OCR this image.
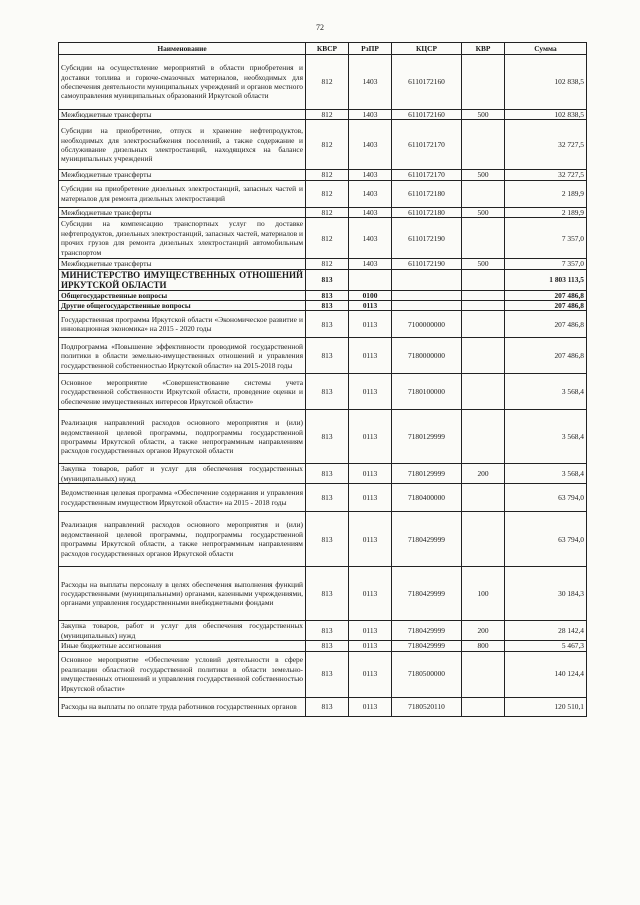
72
Наименование	КВСР	РзПР	КЦСР	КВР	Сумма
Субсидии на осуществление мероприятий в области приобретения и доставки топлива и горюче-смазочных материалов, необходимых для обеспечения деятельности муниципальных учреждений и органов местного самоуправления муниципальных образований Иркутской области	812	1403	6110172160		102 838,5
Межбюджетные трансферты	812	1403	6110172160	500	102 838,5
Субсидии на приобретение, отпуск и хранение нефтепродуктов, необходимых для электроснабжения поселений, а также содержание и обслуживание дизельных электростанций, находящихся на балансе муниципальных учреждений	812	1403	6110172170		32 727,5
Межбюджетные трансферты	812	1403	6110172170	500	32 727,5
Субсидии на приобретение дизельных электростанций, запасных частей и материалов для ремонта дизельных электростанций	812	1403	6110172180		2 189,9
Межбюджетные трансферты	812	1403	6110172180	500	2 189,9
Субсидии на компенсацию транспортных услуг по доставке нефтепродуктов, дизельных электростанций, запасных частей, материалов и прочих грузов для ремонта дизельных электростанций автомобильным транспортом	812	1403	6110172190		7 357,0
Межбюджетные трансферты	812	1403	6110172190	500	7 357,0
МИНИСТЕРСТВО ИМУЩЕСТВЕННЫХ ОТНОШЕНИЙ ИРКУТСКОЙ ОБЛАСТИ	813				1 803 113,5
Общегосударственные вопросы	813	0100			207 486,8
Другие общегосударственные вопросы	813	0113			207 486,8
Государственная программа Иркутской области «Экономическое развитие и инновационная экономика» на 2015 - 2020 годы	813	0113	7100000000		207 486,8
Подпрограмма «Повышение эффективности проводимой государственной политики в области земельно-имущественных отношений и управления государственной собственностью Иркутской области» на 2015-2018 годы	813	0113	7180000000		207 486,8
Основное мероприятие «Совершенствование системы учета государственной собственности Иркутской области, проведение оценки и обеспечение имущественных интересов Иркутской области»	813	0113	7180100000		3 568,4
Реализация направлений расходов основного мероприятия и (или) ведомственной целевой программы, подпрограммы государственной программы Иркутской области, а также непрограммным направлениям расходов государственных органов Иркутской области	813	0113	7180129999		3 568,4
Закупка товаров, работ и услуг для обеспечения государственных (муниципальных) нужд	813	0113	7180129999	200	3 568,4
Ведомственная целевая программа «Обеспечение содержания и управления государственным имуществом Иркутской области» на 2015 - 2018 годы	813	0113	7180400000		63 794,0
Реализация направлений расходов основного мероприятия и (или) ведомственной целевой программы, подпрограммы государственной программы Иркутской области, а также непрограммным направлениям расходов государственных органов Иркутской области	813	0113	7180429999		63 794,0
Расходы на выплаты персоналу в целях обеспечения выполнения функций государственными (муниципальными) органами, казенными учреждениями, органами управления государственными внебюджетными фондами	813	0113	7180429999	100	30 184,3
Закупка товаров, работ и услуг для обеспечения государственных (муниципальных) нужд	813	0113	7180429999	200	28 142,4
Иные бюджетные ассигнования	813	0113	7180429999	800	5 467,3
Основное мероприятие «Обеспечение условий деятельности в сфере реализации областной государственной политики в области земельно-имущественных отношений и управления государственной собственностью Иркутской области»	813	0113	7180500000		140 124,4
Расходы на выплаты по оплате труда работников государственных органов	813	0113	7180520110		120 510,1
